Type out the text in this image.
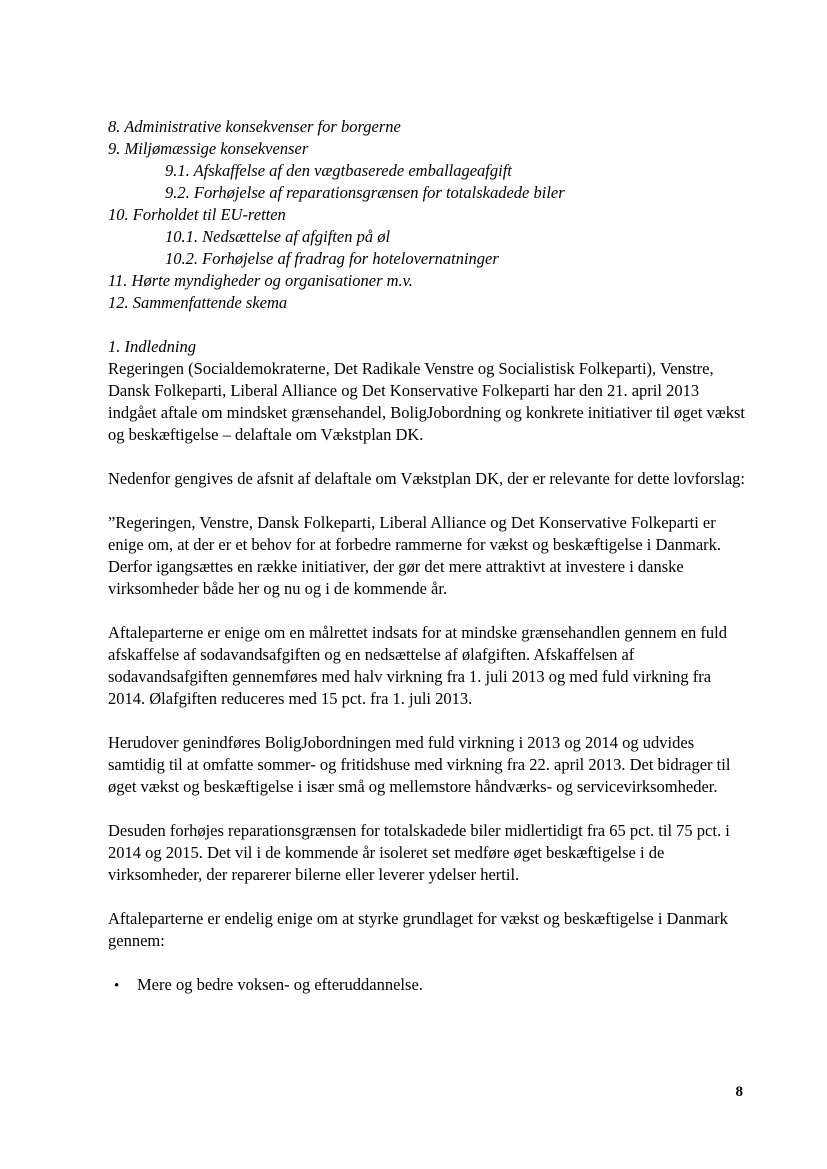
8. Administrative konsekvenser for borgerne
9. Miljømæssige konsekvenser
9.1. Afskaffelse af den vægtbaserede emballageafgift
9.2. Forhøjelse af reparationsgrænsen for totalskadede biler
10. Forholdet til EU-retten
10.1. Nedsættelse af afgiften på øl
10.2. Forhøjelse af fradrag for hotelovernatninger
11. Hørte myndigheder og organisationer m.v.
12. Sammenfattende skema
1. Indledning

Regeringen (Socialdemokraterne, Det Radikale Venstre og Socialistisk Folkeparti), Venstre, Dansk Folkeparti, Liberal Alliance og Det Konservative Folkeparti har den 21. april 2013 indgået aftale om mindsket grænsehandel, BoligJobordning og konkrete initiativer til øget vækst og beskæftigelse – delaftale om Vækstplan DK.

Nedenfor gengives de afsnit af delaftale om Vækstplan DK, der er relevante for dette lovforslag:

”Regeringen, Venstre, Dansk Folkeparti, Liberal Alliance og Det Konservative Folkeparti er enige om, at der er et behov for at forbedre rammerne for vækst og beskæftigelse i Danmark. Derfor igangsættes en række initiativer, der gør det mere attraktivt at investere i danske virksomheder både her og nu og i de kommende år.

Aftaleparterne er enige om en målrettet indsats for at mindske grænsehandlen gennem en fuld afskaffelse af sodavandsafgiften og en nedsættelse af ølafgiften. Afskaffelsen af sodavandsafgiften gennemføres med halv virkning fra 1. juli 2013 og med fuld virkning fra 2014. Ølafgiften reduceres med 15 pct. fra 1. juli 2013.

Herudover genindføres BoligJobordningen med fuld virkning i 2013 og 2014 og udvides samtidig til at omfatte sommer- og fritidshuse med virkning fra 22. april 2013. Det bidrager til øget vækst og beskæftigelse i især små og mellemstore håndværks- og servicevirksomheder.

Desuden forhøjes reparationsgrænsen for totalskadede biler midlertidigt fra 65 pct. til 75 pct. i 2014 og 2015. Det vil i de kommende år isoleret set medføre øget beskæftigelse i de virksomheder, der reparerer bilerne eller leverer ydelser hertil.

Aftaleparterne er endelig enige om at styrke grundlaget for vækst og beskæftigelse i Danmark gennem:

•	Mere og bedre voksen- og efteruddannelse.
8
